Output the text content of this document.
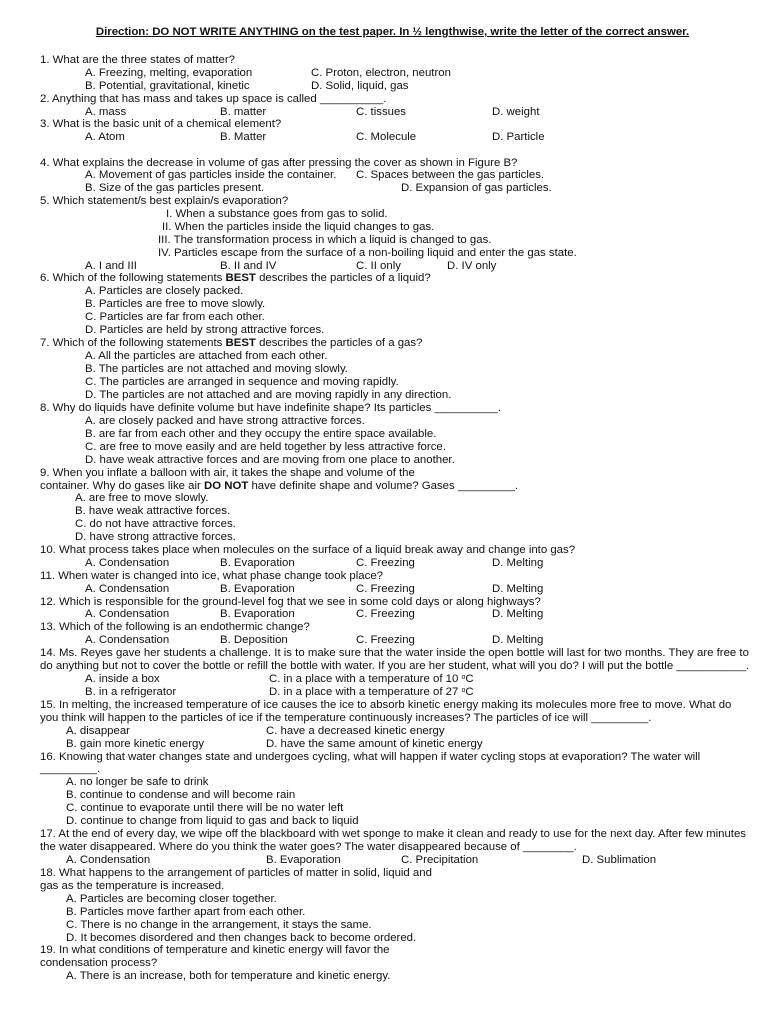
Direction: DO NOT WRITE ANYTHING on the test paper. In ½ lengthwise, write the letter of the correct answer.
1. What are the three states of matter?
A. Freezing, melting, evaporation	C. Proton, electron, neutron
B. Potential, gravitational, kinetic	D. Solid, liquid, gas
2. Anything that has mass and takes up space is called __________.
A. mass	B. matter	C. tissues	D. weight
3. What is the basic unit of a chemical element?
A. Atom	B. Matter	C. Molecule	D. Particle
4. What explains the decrease in volume of gas after pressing the cover as shown in Figure B?
A. Movement of gas particles inside the container. C. Spaces between the gas particles.
B. Size of the gas particles present.	D. Expansion of gas particles.
5. Which statement/s best explain/s evaporation?
I. When a substance goes from gas to solid.
II. When the particles inside the liquid changes to gas.
III. The transformation process in which a liquid is changed to gas.
IV. Particles escape from the surface of a non-boiling liquid and enter the gas state.
A. I and III	B. II and IV	C. II only	D. IV only
6. Which of the following statements BEST describes the particles of a liquid?
A. Particles are closely packed.
B. Particles are free to move slowly.
C. Particles are far from each other.
D. Particles are held by strong attractive forces.
7. Which of the following statements BEST describes the particles of a gas?
A. All the particles are attached from each other.
B. The particles are not attached and moving slowly.
C. The particles are arranged in sequence and moving rapidly.
D. The particles are not attached and are moving rapidly in any direction.
8. Why do liquids have definite volume but have indefinite shape? Its particles __________.
A. are closely packed and have strong attractive forces.
B. are far from each other and they occupy the entire space available.
C. are free to move easily and are held together by less attractive force.
D. have weak attractive forces and are moving from one place to another.
9. When you inflate a balloon with air, it takes the shape and volume of the
container. Why do gases like air DO NOT have definite shape and volume? Gases _________.
A. are free to move slowly.
B. have weak attractive forces.
C. do not have attractive forces.
D. have strong attractive forces.
10. What process takes place when molecules on the surface of a liquid break away and change into gas?
A. Condensation	B. Evaporation	C. Freezing	D. Melting
11. When water is changed into ice, what phase change took place?
A. Condensation	B. Evaporation	C. Freezing	D. Melting
12. Which is responsible for the ground-level fog that we see in some cold days or along highways?
A. Condensation	B. Evaporation	C. Freezing	D. Melting
13. Which of the following is an endothermic change?
A. Condensation	B. Deposition	C. Freezing	D. Melting
14. Ms. Reyes gave her students a challenge. It is to make sure that the water inside the open bottle will last for two months. They are free to
do anything but not to cover the bottle or refill the bottle with water. If you are her student, what will you do? I will put the bottle ___________.
A. inside a box	C. in a place with a temperature of 10 $^o$C
B. in a refrigerator	D. in a place with a temperature of 27 $^o$C
15. In melting, the increased temperature of ice causes the ice to absorb kinetic energy making its molecules more free to move. What do
you think will happen to the particles of ice if the temperature continuously increases? The particles of ice will _________.
A. disappear	C. have a decreased kinetic energy
B. gain more kinetic energy	D. have the same amount of kinetic energy
16. Knowing that water changes state and undergoes cycling, what will happen if water cycling stops at evaporation? The water will
_________.
A. no longer be safe to drink
B. continue to condense and will become rain
C. continue to evaporate until there will be no water left
D. continue to change from liquid to gas and back to liquid
17. At the end of every day, we wipe off the blackboard with wet sponge to make it clean and ready to use for the next day. After few minutes
the water disappeared. Where do you think the water goes? The water disappeared because of ________.
A. Condensation	B. Evaporation	C. Precipitation	D. Sublimation
18. What happens to the arrangement of particles of matter in solid, liquid and
gas as the temperature is increased.
A. Particles are becoming closer together.
B. Particles move farther apart from each other.
C. There is no change in the arrangement, it stays the same.
D. It becomes disordered and then changes back to become ordered.
19. In what conditions of temperature and kinetic energy will favor the
condensation process?
A. There is an increase, both for temperature and kinetic energy.
